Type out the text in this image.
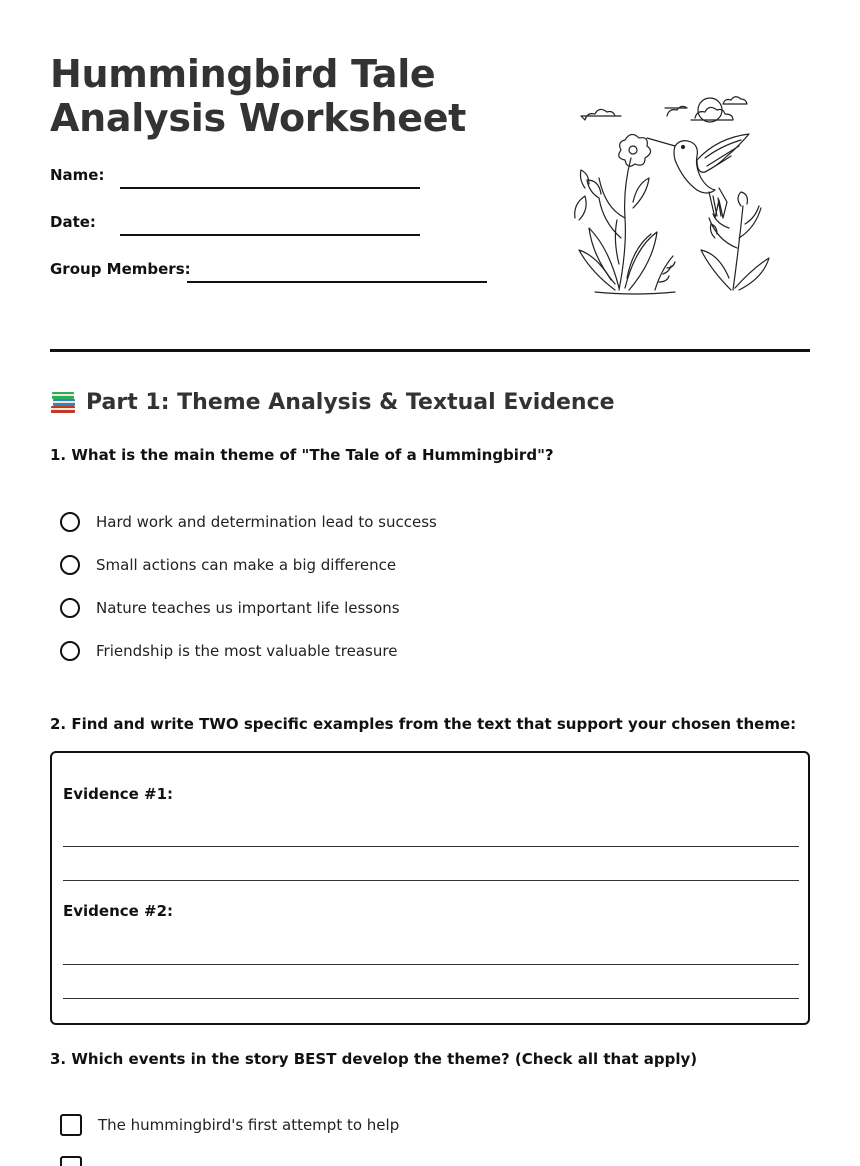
Hummingbird Tale
Analysis Worksheet
Name:
Date:
Group Members:
Part 1: Theme Analysis & Textual Evidence

1. What is the main theme of "The Tale of a Hummingbird"?

Hard work and determination lead to success
Small actions can make a big difference
Nature teaches us important life lessons
Friendship is the most valuable treasure

2. Find and write TWO specific examples from the text that support your chosen theme:

Evidence #1:
Evidence #2:

3. Which events in the story BEST develop the theme? (Check all that apply)

The hummingbird's first attempt to help
